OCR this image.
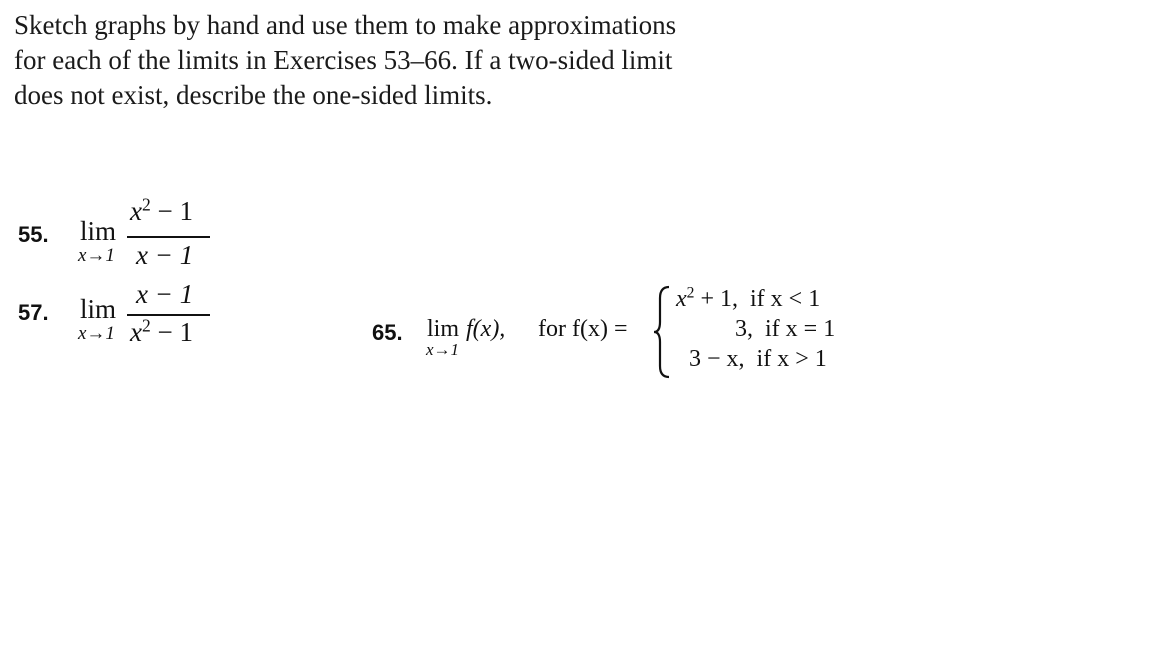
Sketch graphs by hand and use them to make approximations
for each of the limits in Exercises 53–66. If a two-sided limit
does not exist, describe the one-sided limits.
55. lim
x→1
$x^2 - 1$
x − 1
57. lim
x→1
x − 1
$x^2 - 1$	65. lim
x→1
f(x), for f(x) =
$x^2 + 1$, if x < 1
3, if x = 1
3 − x, if x > 1
